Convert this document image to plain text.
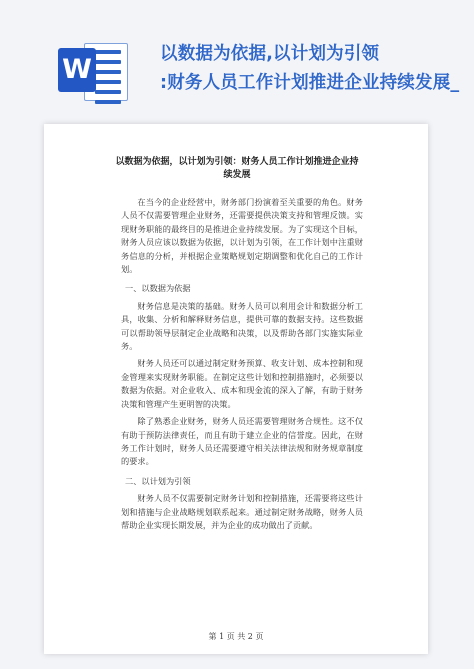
W	以数据为依据,以计划为引领
:财务人员工作计划推进企业持续发展_
以数据为依据，以计划为引领：财务人员工作计划推进企业持续发展

在当今的企业经营中，财务部门扮演着至关重要的角色。财务人员不仅需要管理企业财务，还需要提供决策支持和管理反馈。实现财务职能的最终目的是推进企业持续发展。为了实现这个目标，财务人员应该以数据为依据，以计划为引领，在工作计划中注重财务信息的分析，并根据企业策略规划定期调整和优化自己的工作计划。

一、以数据为依据

财务信息是决策的基础。财务人员可以利用会计和数据分析工具，收集、分析和解释财务信息，提供可靠的数据支持。这些数据可以帮助领导层制定企业战略和决策，以及帮助各部门实施实际业务。

财务人员还可以通过制定财务预算、收支计划、成本控制和现金管理来实现财务职能。在制定这些计划和控制措施时，必须要以数据为依据。对企业收入、成本和现金流的深入了解，有助于财务决策和管理产生更明智的决策。

除了熟悉企业财务，财务人员还需要管理财务合规性。这不仅有助于预防法律责任，而且有助于建立企业的信誉度。因此，在财务工作计划时，财务人员还需要遵守相关法律法规和财务规章制度的要求。

二、以计划为引领

财务人员不仅需要制定财务计划和控制措施，还需要将这些计划和措施与企业战略规划联系起来。通过制定财务战略，财务人员帮助企业实现长期发展，并为企业的成功做出了贡献。

第 1 页 共 2 页
